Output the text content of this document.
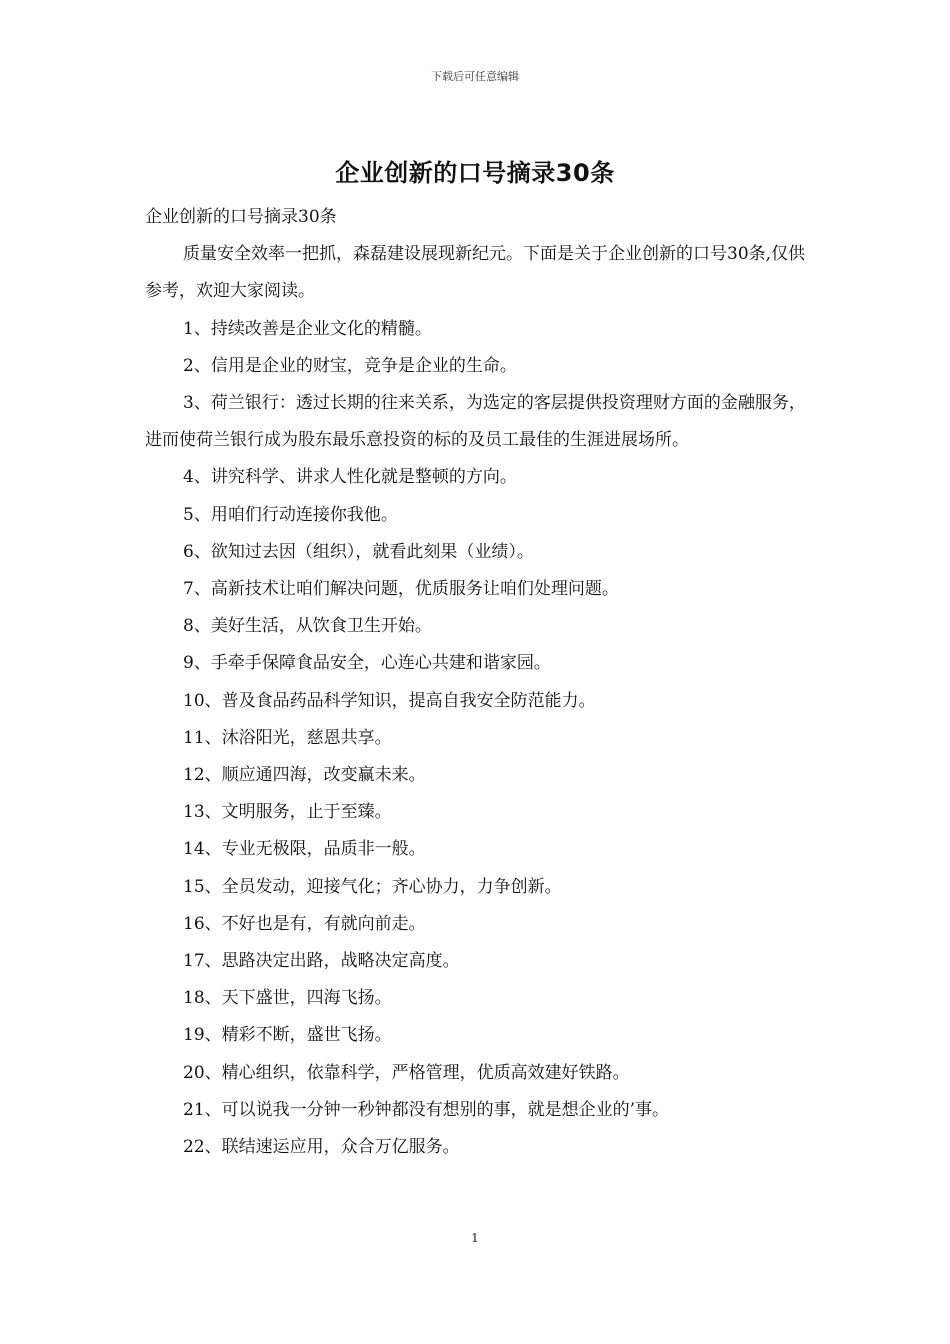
下载后可任意编辑
企业创新的口号摘录30条

企业创新的口号摘录30条

质量安全效率一把抓，森磊建设展现新纪元。下面是关于企业创新的口号30条,仅供参考，欢迎大家阅读。

1、持续改善是企业文化的精髓。

2、信用是企业的财宝，竞争是企业的生命。

3、荷兰银行：透过长期的往来关系，为选定的客层提供投资理财方面的金融服务，进而使荷兰银行成为股东最乐意投资的标的及员工最佳的生涯进展场所。

4、讲究科学、讲求人性化就是整顿的方向。

5、用咱们行动连接你我他。

6、欲知过去因（组织），就看此刻果（业绩）。

7、高新技术让咱们解决问题，优质服务让咱们处理问题。

8、美好生活，从饮食卫生开始。

9、手牵手保障食品安全，心连心共建和谐家园。

10、普及食品药品科学知识，提高自我安全防范能力。

11、沐浴阳光，慈恩共享。

12、顺应通四海，改变赢未来。

13、文明服务，止于至臻。

14、专业无极限，品质非一般。

15、全员发动，迎接气化；齐心协力，力争创新。

16、不好也是有，有就向前走。

17、思路决定出路，战略决定高度。

18、天下盛世，四海飞扬。

19、精彩不断，盛世飞扬。

20、精心组织，依靠科学，严格管理，优质高效建好铁路。

21、可以说我一分钟一秒钟都没有想别的事，就是想企业的’事。

22、联结速运应用，众合万亿服务。

1
